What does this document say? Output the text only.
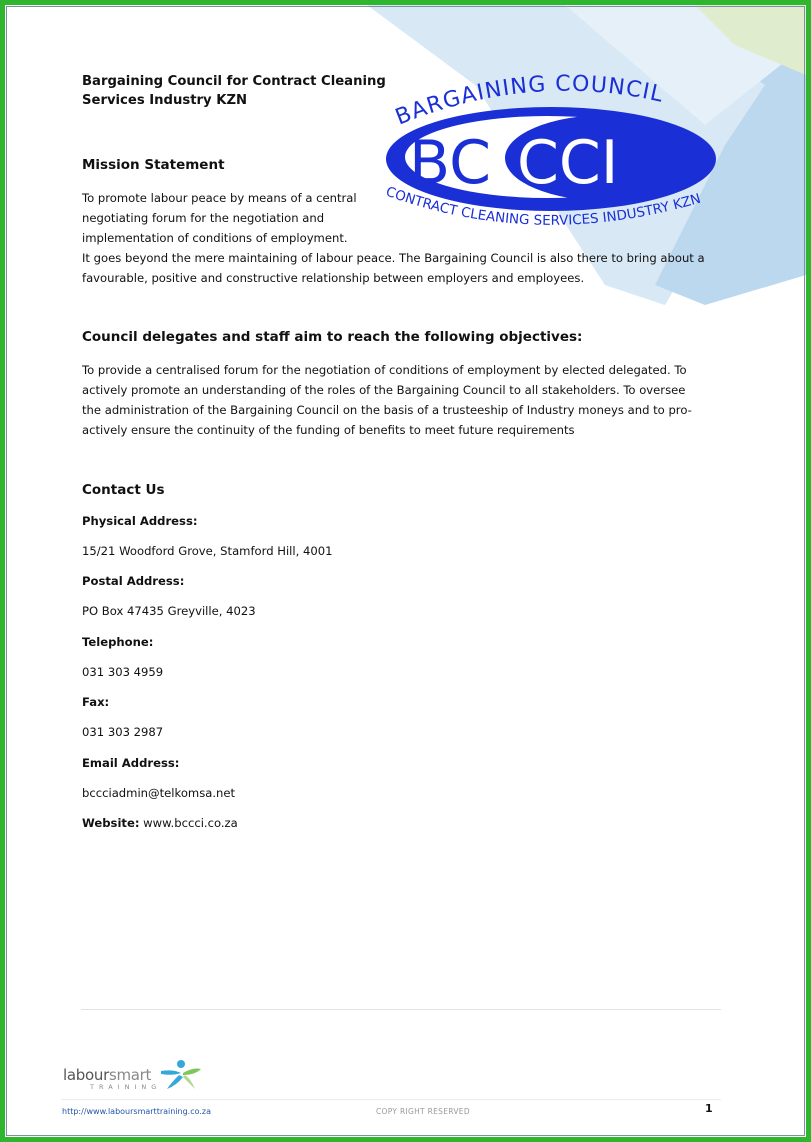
BARGAINING COUNCIL
BC CCI
CONTRACT CLEANING SERVICES INDUSTRY KZN
Bargaining Council for Contract Cleaning
Services Industry KZN
Mission Statement
To promote labour peace by means of a central
negotiating forum for the negotiation and
implementation of conditions of employment.
It goes beyond the mere maintaining of labour peace. The Bargaining Council is also there to bring about a
favourable, positive and constructive relationship between employers and employees.
Council delegates and staff aim to reach the following objectives:
To provide a centralised forum for the negotiation of conditions of employment by elected delegated. To
actively promote an understanding of the roles of the Bargaining Council to all stakeholders. To oversee
the administration of the Bargaining Council on the basis of a trusteeship of Industry moneys and to pro-
actively ensure the continuity of the funding of benefits to meet future requirements
Contact Us
Physical Address:
15/21 Woodford Grove, Stamford Hill, 4001
Postal Address:
PO Box 47435 Greyville, 4023
Telephone:
031 303 4959
Fax:
031 303 2987
Email Address:
bccciadmin@telkomsa.net
Website: www.bccci.co.za
laboursmart
TRAINING
http://www.laboursmarttraining.co.za	COPY RIGHT RESERVED	1
